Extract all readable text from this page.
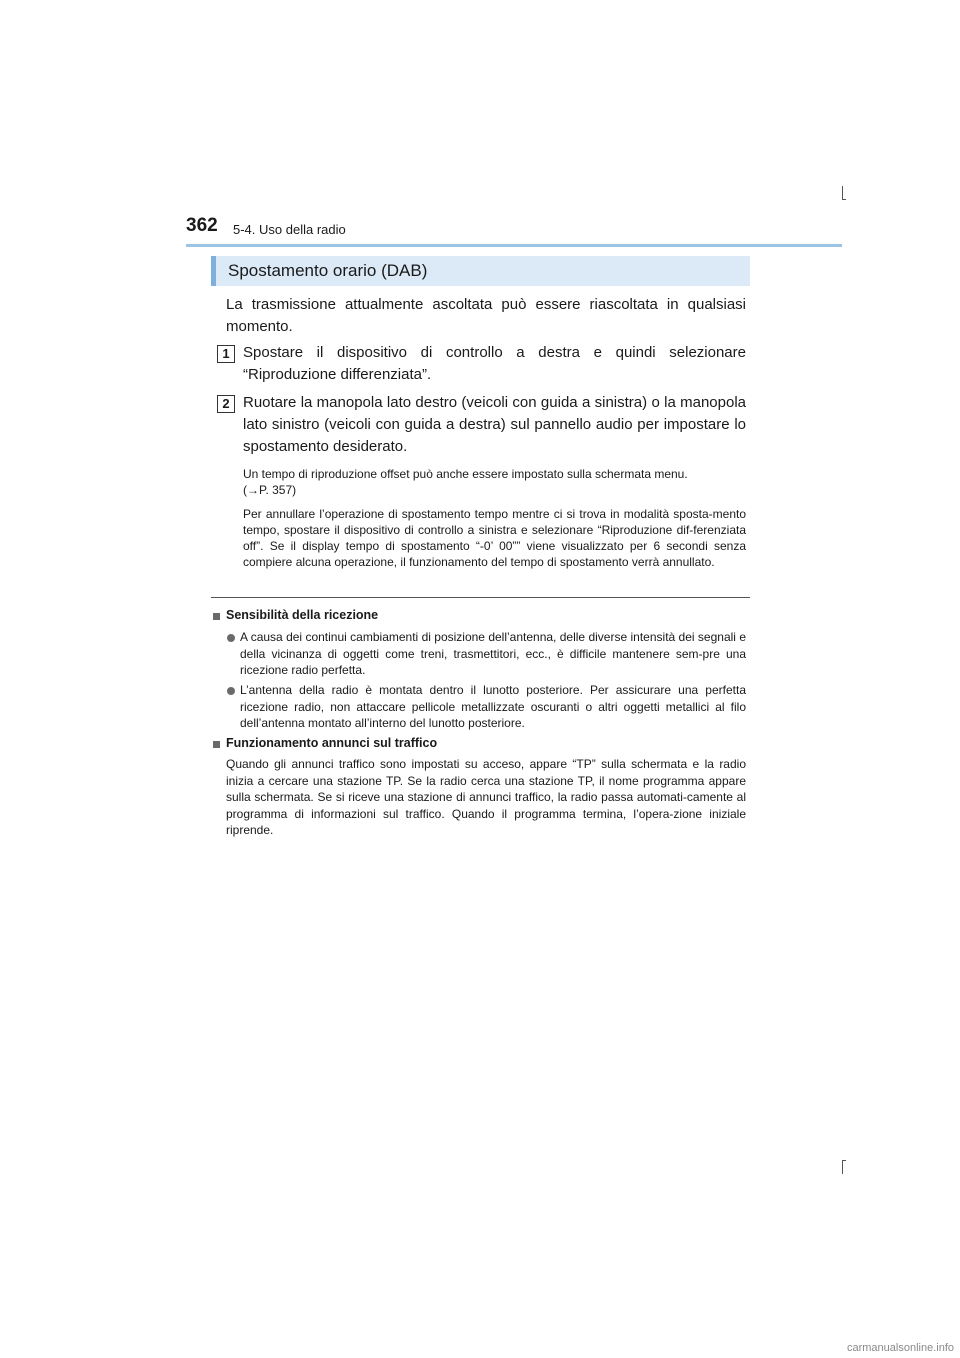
362 5-4. Uso della radio
Spostamento orario (DAB)
La trasmissione attualmente ascoltata può essere riascoltata in qualsiasi momento.
1 Spostare il dispositivo di controllo a destra e quindi selezionare “Riproduzione differenziata”.
2 Ruotare la manopola lato destro (veicoli con guida a sinistra) o la manopola lato sinistro (veicoli con guida a destra) sul pannello audio per impostare lo spostamento desiderato.
Un tempo di riproduzione offset può anche essere impostato sulla schermata menu.
(→P. 357)
Per annullare l’operazione di spostamento tempo mentre ci si trova in modalità sposta-mento tempo, spostare il dispositivo di controllo a sinistra e selezionare “Riproduzione dif-ferenziata off”. Se il display tempo di spostamento “-0’ 00”” viene visualizzato per 6 secondi senza compiere alcuna operazione, il funzionamento del tempo di spostamento verrà annullato.
Sensibilità della ricezione
A causa dei continui cambiamenti di posizione dell’antenna, delle diverse intensità dei segnali e della vicinanza di oggetti come treni, trasmettitori, ecc., è difficile mantenere sem-pre una ricezione radio perfetta.
L’antenna della radio è montata dentro il lunotto posteriore. Per assicurare una perfetta ricezione radio, non attaccare pellicole metallizzate oscuranti o altri oggetti metallici al filo dell’antenna montato all’interno del lunotto posteriore.
Funzionamento annunci sul traffico
Quando gli annunci traffico sono impostati su acceso, appare “TP” sulla schermata e la radio inizia a cercare una stazione TP. Se la radio cerca una stazione TP, il nome programma appare sulla schermata. Se si riceve una stazione di annunci traffico, la radio passa automati-camente al programma di informazioni sul traffico. Quando il programma termina, l’opera-zione iniziale riprende.
carmanualsonline.info
